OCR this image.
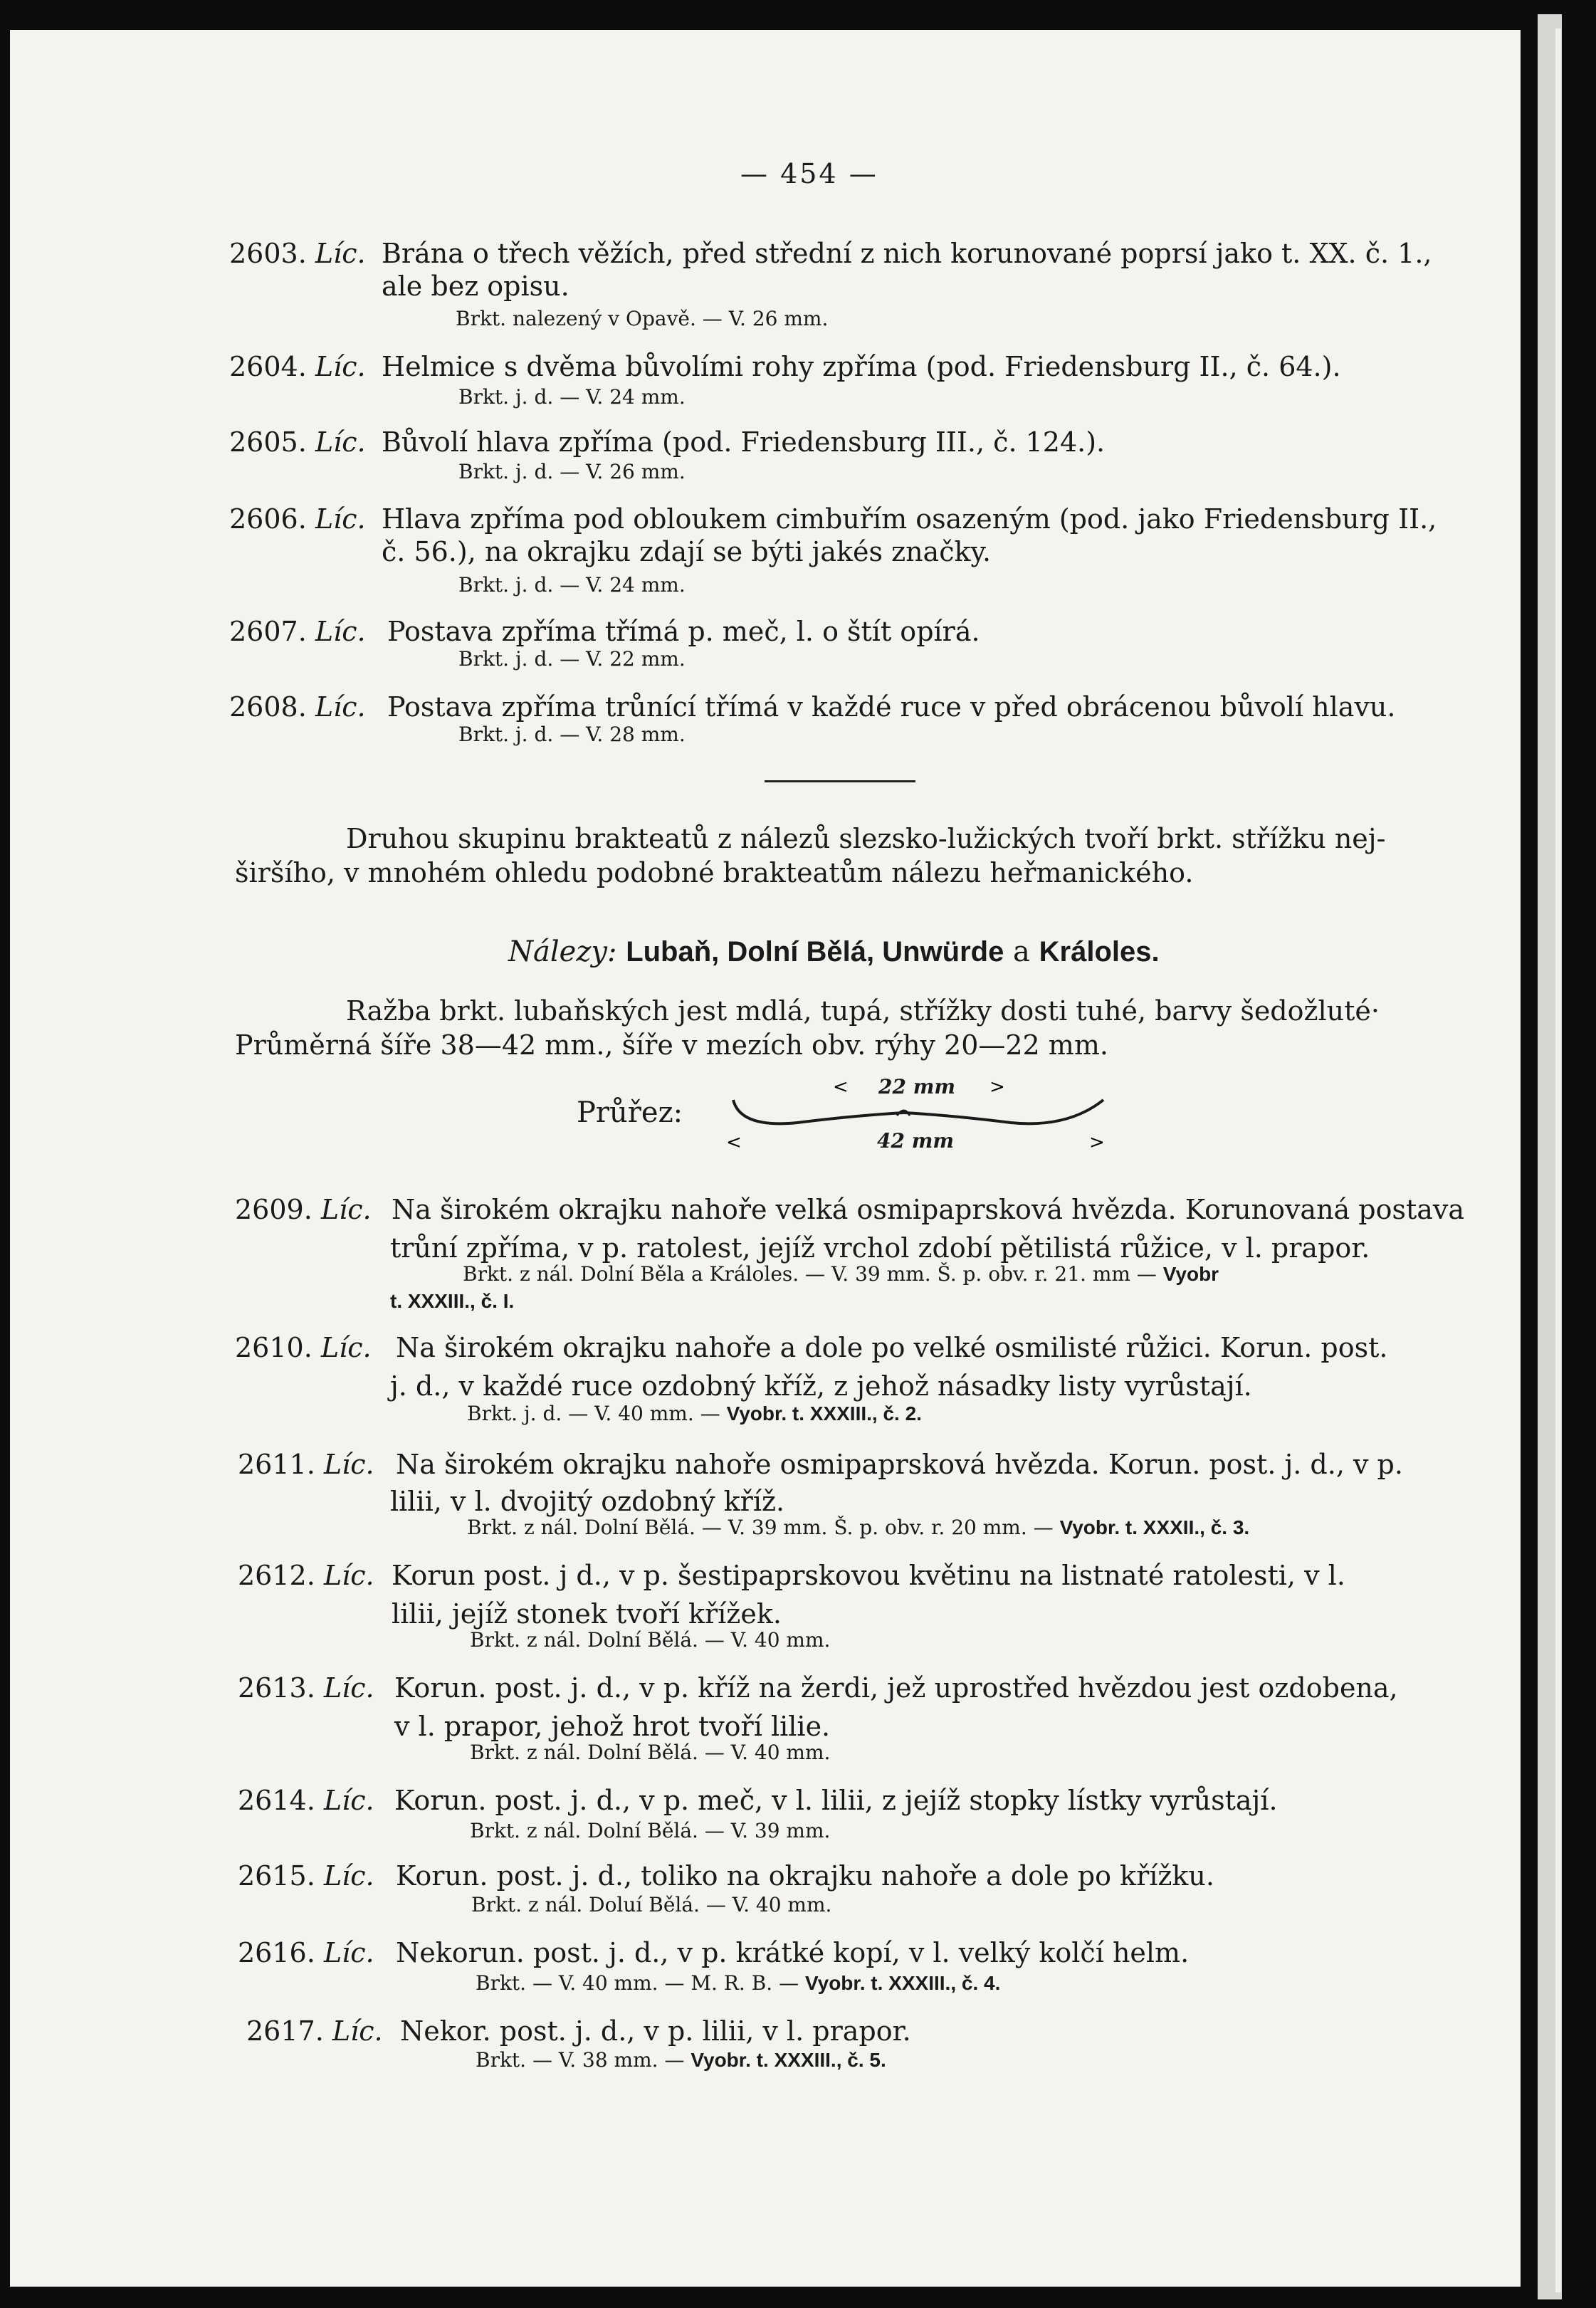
— 454 —
2603. Líc. Brána o třech věžích, před střední z nich korunované poprsí jako t. XX. č. 1., ale bez opisu.
Brkt. nalezený v Opavě. — V. 26 mm.
2604. Líc. Helmice s dvěma bůvolími rohy zpříma (pod. Friedensburg II., č. 64.).
Brkt. j. d. — V. 24 mm.
2605. Líc. Bůvolí hlava zpříma (pod. Friedensburg III., č. 124.).
Brkt. j. d. — V. 26 mm.
2606. Líc. Hlava zpříma pod obloukem cimbuřím osazeným (pod. jako Friedensburg II., č. 56.), na okrajku zdají se býti jakés značky.
Brkt. j. d. — V. 24 mm.
2607. Líc. Postava zpříma třímá p. meč, l. o štít opírá.
Brkt. j. d. — V. 22 mm.
2608. Líc. Postava zpříma trůnící třímá v každé ruce v před obrácenou bůvolí hlavu.
Brkt. j. d. — V. 28 mm.
Druhou skupinu brakteatů z nálezů slezsko-lužických tvoří brkt. střížku nej-
širšího, v mnohém ohledu podobné brakteatům nálezu heřmanického.
Nálezy: Lubaň, Dolní Bělá, Unwürde a Králoles.
Ražba brkt. lubaňských jest mdlá, tupá, střížky dosti tuhé, barvy šedožluté·
Průměrná šíře 38—42 mm., šíře v mezích obv. rýhy 20—22 mm.
Průřez:
<	>
<	>
22 mm
42 mm
2609. Líc. Na širokém okrajku nahoře velká osmipaprsková hvězda. Korunovaná postava
trůní zpříma, v p. ratolest, jejíž vrchol zdobí pětilistá růžice, v l. prapor.
Brkt. z nál. Dolní Běla a Králoles. — V. 39 mm. Š. p. obv. r. 21. mm — Vyobr
t. XXXIII., č. I.
2610. Líc. Na širokém okrajku nahoře a dole po velké osmilisté růžici. Korun. post.
j. d., v každé ruce ozdobný kříž, z jehož násadky listy vyrůstají.
Brkt. j. d. — V. 40 mm. — Vyobr. t. XXXIII., č. 2.
2611. Líc. Na širokém okrajku nahoře osmipaprsková hvězda. Korun. post. j. d., v p.
lilii, v l. dvojitý ozdobný kříž.
Brkt. z nál. Dolní Bělá. — V. 39 mm. Š. p. obv. r. 20 mm. — Vyobr. t. XXXII., č. 3.
2612. Líc. Korun post. j d., v p. šestipaprskovou květinu na listnaté ratolesti, v l.
lilii, jejíž stonek tvoří křížek.
Brkt. z nál. Dolní Bělá. — V. 40 mm.
2613. Líc. Korun. post. j. d., v p. kříž na žerdi, jež uprostřed hvězdou jest ozdobena,
v l. prapor, jehož hrot tvoří lilie.
Brkt. z nál. Dolní Bělá. — V. 40 mm.
2614. Líc. Korun. post. j. d., v p. meč, v l. lilii, z jejíž stopky lístky vyrůstají.
Brkt. z nál. Dolní Bělá. — V. 39 mm.
2615. Líc. Korun. post. j. d., toliko na okrajku nahoře a dole po křížku.
Brkt. z nál. Doluí Bělá. — V. 40 mm.
2616. Líc. Nekorun. post. j. d., v p. krátké kopí, v l. velký kolčí helm.
Brkt. — V. 40 mm. — M. R. B. — Vyobr. t. XXXIII., č. 4.
2617. Líc. Nekor. post. j. d., v p. lilii, v l. prapor.
Brkt. — V. 38 mm. — Vyobr. t. XXXIII., č. 5.
